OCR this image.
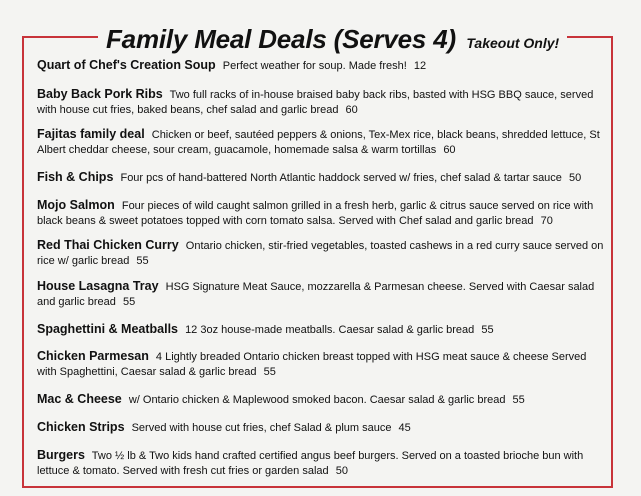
Family Meal Deals (Serves 4) Takeout Only!

Quart of Chef's Creation Soup Perfect weather for soup. Made fresh! 12

Baby Back Pork Ribs Two full racks of in-house braised baby back ribs, basted with HSG BBQ sauce, served with house cut fries, baked beans, chef salad and garlic bread 60

Fajitas family deal Chicken or beef, sautéed peppers & onions, Tex-Mex rice, black beans, shredded lettuce, St Albert cheddar cheese, sour cream, guacamole, homemade salsa & warm tortillas 60

Fish & Chips Four pcs of hand-battered North Atlantic haddock served w/ fries, chef salad & tartar sauce 50

Mojo Salmon Four pieces of wild caught salmon grilled in a fresh herb, garlic & citrus sauce served on rice with black beans & sweet potatoes topped with corn tomato salsa. Served with Chef salad and garlic bread 70

Red Thai Chicken Curry Ontario chicken, stir-fried vegetables, toasted cashews in a red curry sauce served on rice w/ garlic bread 55

House Lasagna Tray HSG Signature Meat Sauce, mozzarella & Parmesan cheese. Served with Caesar salad and garlic bread 55

Spaghettini & Meatballs 12 3oz house-made meatballs. Caesar salad & garlic bread 55

Chicken Parmesan 4 Lightly breaded Ontario chicken breast topped with HSG meat sauce & cheese Served with Spaghettini, Caesar salad & garlic bread 55

Mac & Cheese w/ Ontario chicken & Maplewood smoked bacon. Caesar salad & garlic bread 55

Chicken Strips Served with house cut fries, chef Salad & plum sauce 45

Burgers Two ½ lb & Two kids hand crafted certified angus beef burgers. Served on a toasted brioche bun with lettuce & tomato. Served with fresh cut fries or garden salad 50
